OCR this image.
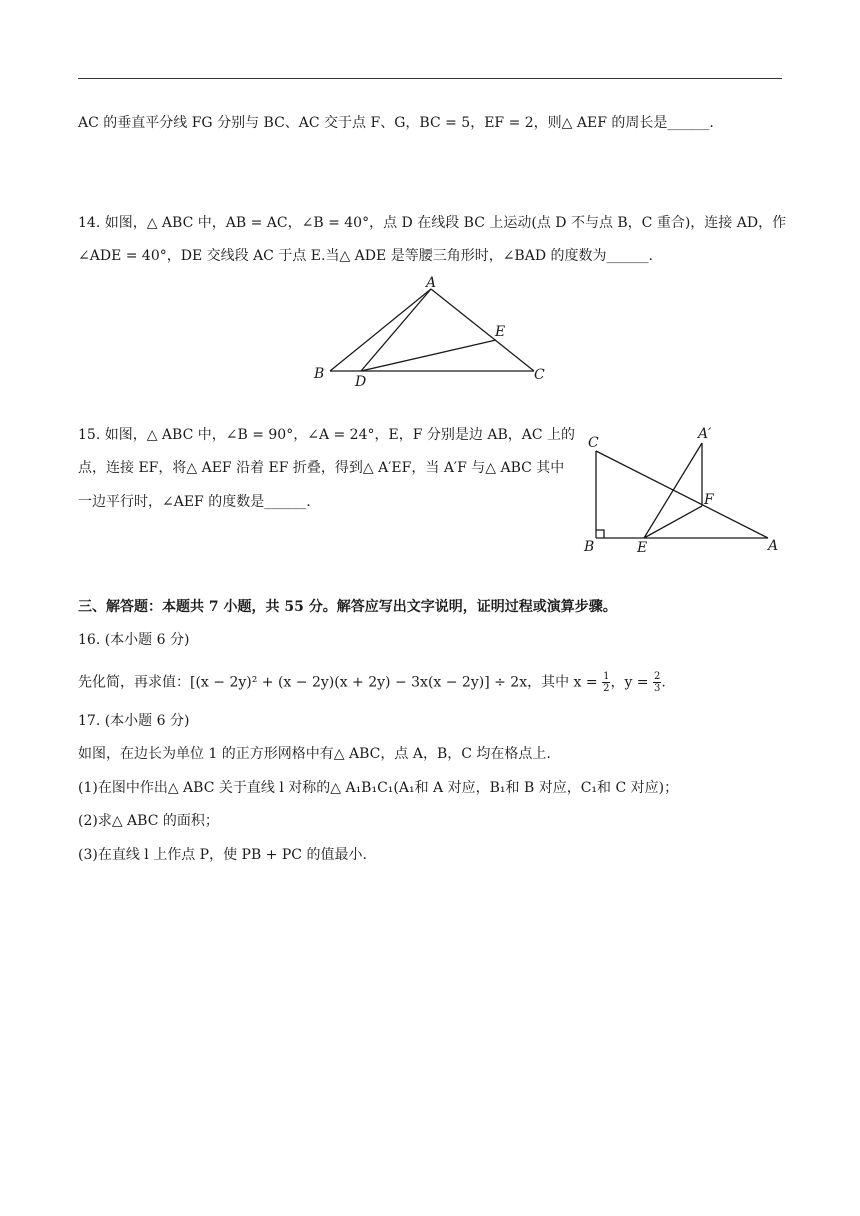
AC 的垂直平分线 FG 分别与 BC、AC 交于点 F、G，BC = 5，EF = 2，则△ AEF 的周长是______.
14. 如图，△ ABC 中，AB = AC，∠B = 40°，点 D 在线段 BC 上运动(点 D 不与点 B，C 重合)，连接 AD，作
∠ADE = 40°，DE 交线段 AC 于点 E.当△ ADE 是等腰三角形时，∠BAD 的度数为______.
A
B	C
D
E
15. 如图，△ ABC 中，∠B = 90°，∠A = 24°，E，F 分别是边 AB，AC 上的
点，连接 EF，将△ AEF 沿着 EF 折叠，得到△ A′EF，当 A′F 与△ ABC 其中
一边平行时，∠AEF 的度数是______.
C
A′
F
B	E	A
三、解答题：本题共 7 小题，共 55 分。解答应写出文字说明，证明过程或演算步骤。
16. (本小题 6 分)
先化简，再求值：[(x − 2y)² + (x − 2y)(x + 2y) − 3x(x − 2y)] ÷ 2x，其中 $x = \frac{1}{2}$ ，$y = \frac{2}{3}$ .
17. (本小题 6 分)
如图，在边长为单位 1 的正方形网格中有△ ABC，点 A，B，C 均在格点上.
(1)在图中作出△ ABC 关于直线 l 对称的△ A₁B₁C₁(A₁和 A 对应，B₁和 B 对应，C₁和 C 对应)；
(2)求△ ABC 的面积；
(3)在直线 l 上作点 P，使 PB + PC 的值最小.
